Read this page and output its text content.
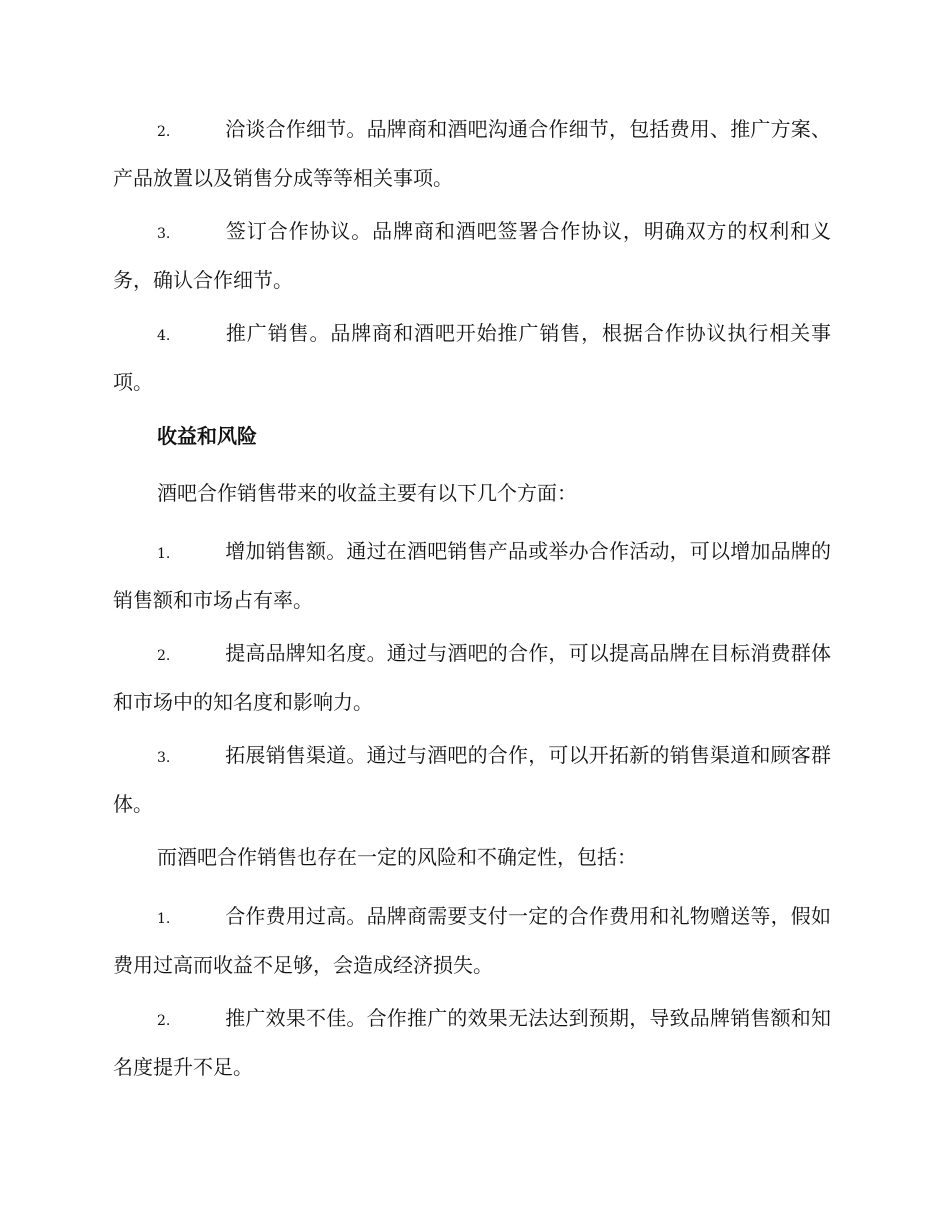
2.	洽谈合作细节。品牌商和酒吧沟通合作细节，包括费用、推广方案、产品放置以及销售分成等等相关事项。

3.	签订合作协议。品牌商和酒吧签署合作协议，明确双方的权利和义务，确认合作细节。

4.	推广销售。品牌商和酒吧开始推广销售，根据合作协议执行相关事项。

收益和风险

酒吧合作销售带来的收益主要有以下几个方面：

1.	增加销售额。通过在酒吧销售产品或举办合作活动，可以增加品牌的销售额和市场占有率。

2.	提高品牌知名度。通过与酒吧的合作，可以提高品牌在目标消费群体和市场中的知名度和影响力。

3.	拓展销售渠道。通过与酒吧的合作，可以开拓新的销售渠道和顾客群体。

而酒吧合作销售也存在一定的风险和不确定性，包括：

1.	合作费用过高。品牌商需要支付一定的合作费用和礼物赠送等，假如费用过高而收益不足够，会造成经济损失。

2.	推广效果不佳。合作推广的效果无法达到预期，导致品牌销售额和知名度提升不足。
